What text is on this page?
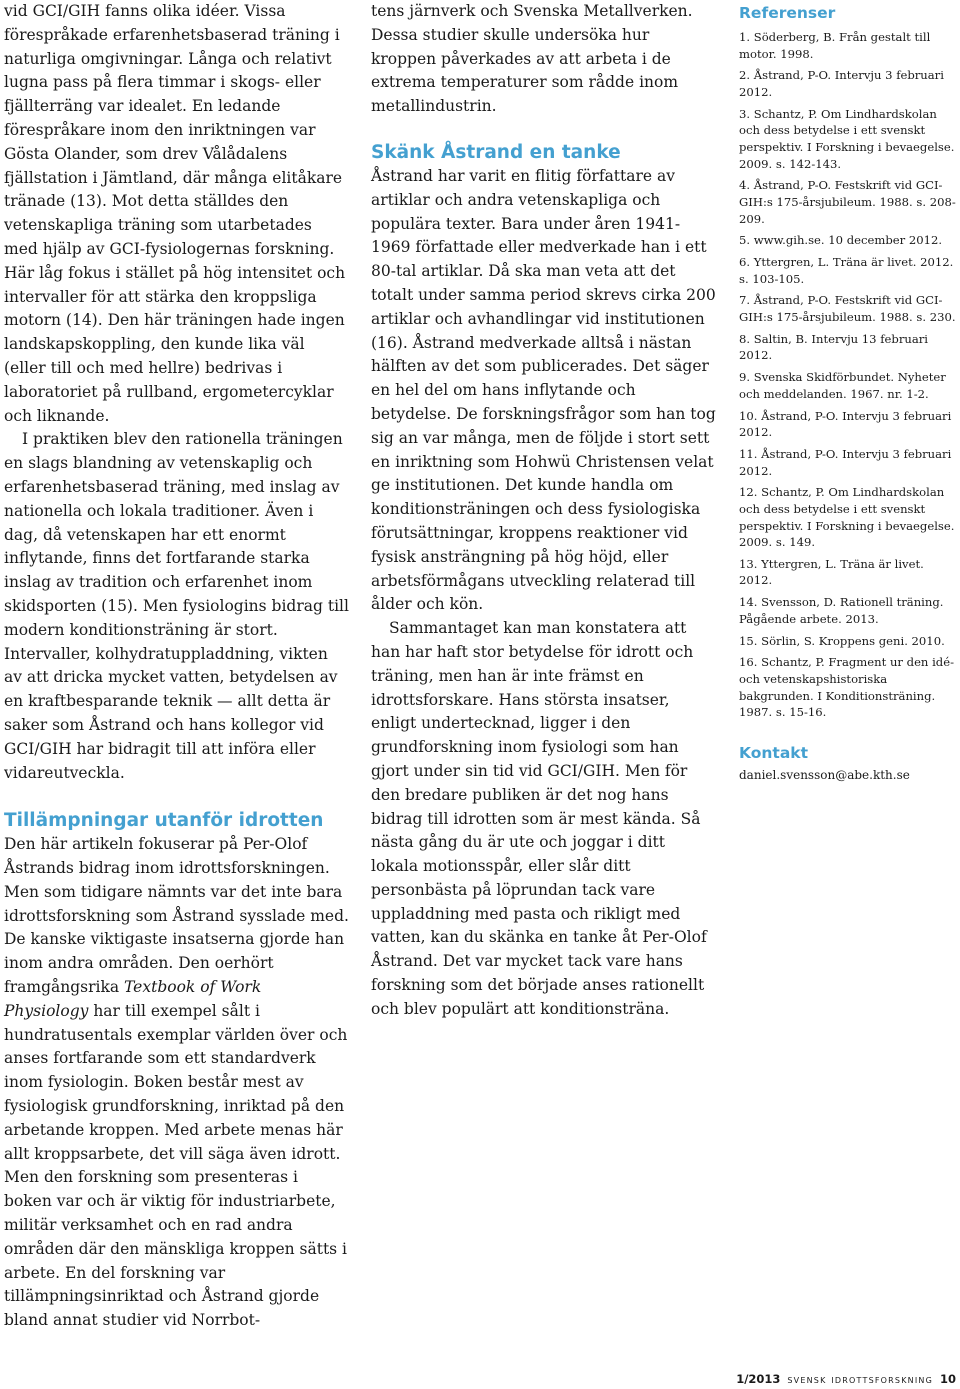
vid GCI/GIH fanns olika idéer. Vissa förespråkade erfarenhetsbaserad träning i naturliga omgivningar. Långa och relativt lugna pass på flera timmar i skogs- eller fjällterräng var idealet. En ledande förespråkare inom den inriktningen var Gösta Olander, som drev Vålådalens fjällstation i Jämtland, där många elitåkare tränade (13). Mot detta ställdes den vetenskapliga träning som utarbetades med hjälp av GCI-fysiologernas forskning. Här låg fokus i stället på hög intensitet och intervaller för att stärka den kroppsliga motorn (14). Den här träningen hade ingen landskapskoppling, den kunde lika väl (eller till och med hellre) bedrivas i laboratoriet på rullband, ergometercyklar och liknande.

I praktiken blev den rationella träningen en slags blandning av vetenskaplig och erfarenhetsbaserad träning, med inslag av nationella och lokala traditioner. Även i dag, då vetenskapen har ett enormt inflytande, finns det fortfarande starka inslag av tradition och erfarenhet inom skidsporten (15). Men fysiologins bidrag till modern konditionsträning är stort. Intervaller, kolhydratuppladdning, vikten av att dricka mycket vatten, betydelsen av en kraftbesparande teknik — allt detta är saker som Åstrand och hans kollegor vid GCI/GIH har bidragit till att införa eller vidareutveckla.

Tillämpningar utanför idrotten

Den här artikeln fokuserar på Per-Olof Åstrands bidrag inom idrottsforskningen. Men som tidigare nämnts var det inte bara idrottsforskning som Åstrand sysslade med. De kanske viktigaste insatserna gjorde han inom andra områden. Den oerhört framgångsrika Textbook of Work Physiology har till exempel sålt i hundratusentals exemplar världen över och anses fortfarande som ett standardverk inom fysiologin. Boken består mest av fysiologisk grundforskning, inriktad på den arbetande kroppen. Med arbete menas här allt kroppsarbete, det vill säga även idrott. Men den forskning som presenteras i boken var och är viktig för industriarbete, militär verksamhet och en rad andra områden där den mänskliga kroppen sätts i arbete. En del forskning var tillämpningsinriktad och Åstrand gjorde bland annat studier vid Norrbot-

tens järnverk och Svenska Metallverken. Dessa studier skulle undersöka hur kroppen påverkades av att arbeta i de extrema temperaturer som rådde inom metallindustrin.

Skänk Åstrand en tanke

Åstrand har varit en flitig författare av artiklar och andra vetenskapliga och populära texter. Bara under åren 1941-1969 författade eller medverkade han i ett 80-tal artiklar. Då ska man veta att det totalt under samma period skrevs cirka 200 artiklar och avhandlingar vid institutionen (16). Åstrand medverkade alltså i nästan hälften av det som publicerades. Det säger en hel del om hans inflytande och betydelse. De forskningsfrågor som han tog sig an var många, men de följde i stort sett en inriktning som Hohwü Christensen velat ge institutionen. Det kunde handla om konditionsträningen och dess fysiologiska förutsättningar, kroppens reaktioner vid fysisk ansträngning på hög höjd, eller arbetsförmågans utveckling relaterad till ålder och kön.

Sammantaget kan man konstatera att han har haft stor betydelse för idrott och träning, men han är inte främst en idrottsforskare. Hans största insatser, enligt undertecknad, ligger i den grundforskning inom fysiologi som han gjort under sin tid vid GCI/GIH. Men för den bredare publiken är det nog hans bidrag till idrotten som är mest kända. Så nästa gång du är ute och joggar i ditt lokala motionsspår, eller slår ditt personbästa på löprundan tack vare uppladdning med pasta och rikligt med vatten, kan du skänka en tanke åt Per-Olof Åstrand. Det var mycket tack vare hans forskning som det började anses rationellt och blev populärt att konditionsträna.

Referenser
1. Söderberg, B. Från gestalt till motor. 1998.
2. Åstrand, P-O. Intervju 3 februari 2012.
3. Schantz, P. Om Lindhardskolan och dess betydelse i ett svenskt perspektiv. I Forskning i bevaegelse. 2009. s. 142-143.
4. Åstrand, P-O. Festskrift vid GCI-GIH:s 175-årsjubileum. 1988. s. 208-209.
5. www.gih.se. 10 december 2012.
6. Yttergren, L. Träna är livet. 2012. s. 103-105.
7. Åstrand, P-O. Festskrift vid GCI-GIH:s 175-årsjubileum. 1988. s. 230.
8. Saltin, B. Intervju 13 februari 2012.
9. Svenska Skidförbundet. Nyheter och meddelanden. 1967. nr. 1-2.
10. Åstrand, P-O. Intervju 3 februari 2012.
11. Åstrand, P-O. Intervju 3 februari 2012.
12. Schantz, P. Om Lindhardskolan och dess betydelse i ett svenskt perspektiv. I Forskning i bevaegelse. 2009. s. 149.
13. Yttergren, L. Träna är livet. 2012.
14. Svensson, D. Rationell träning. Pågående arbete. 2013.
15. Sörlin, S. Kroppens geni. 2010.
16. Schantz, P. Fragment ur den idé- och vetenskapshistoriska bakgrunden. I Konditionsträning. 1987. s. 15-16.
Kontakt

daniel.svensson@abe.kth.se

1/2013 svensk idrottsforskning 10
